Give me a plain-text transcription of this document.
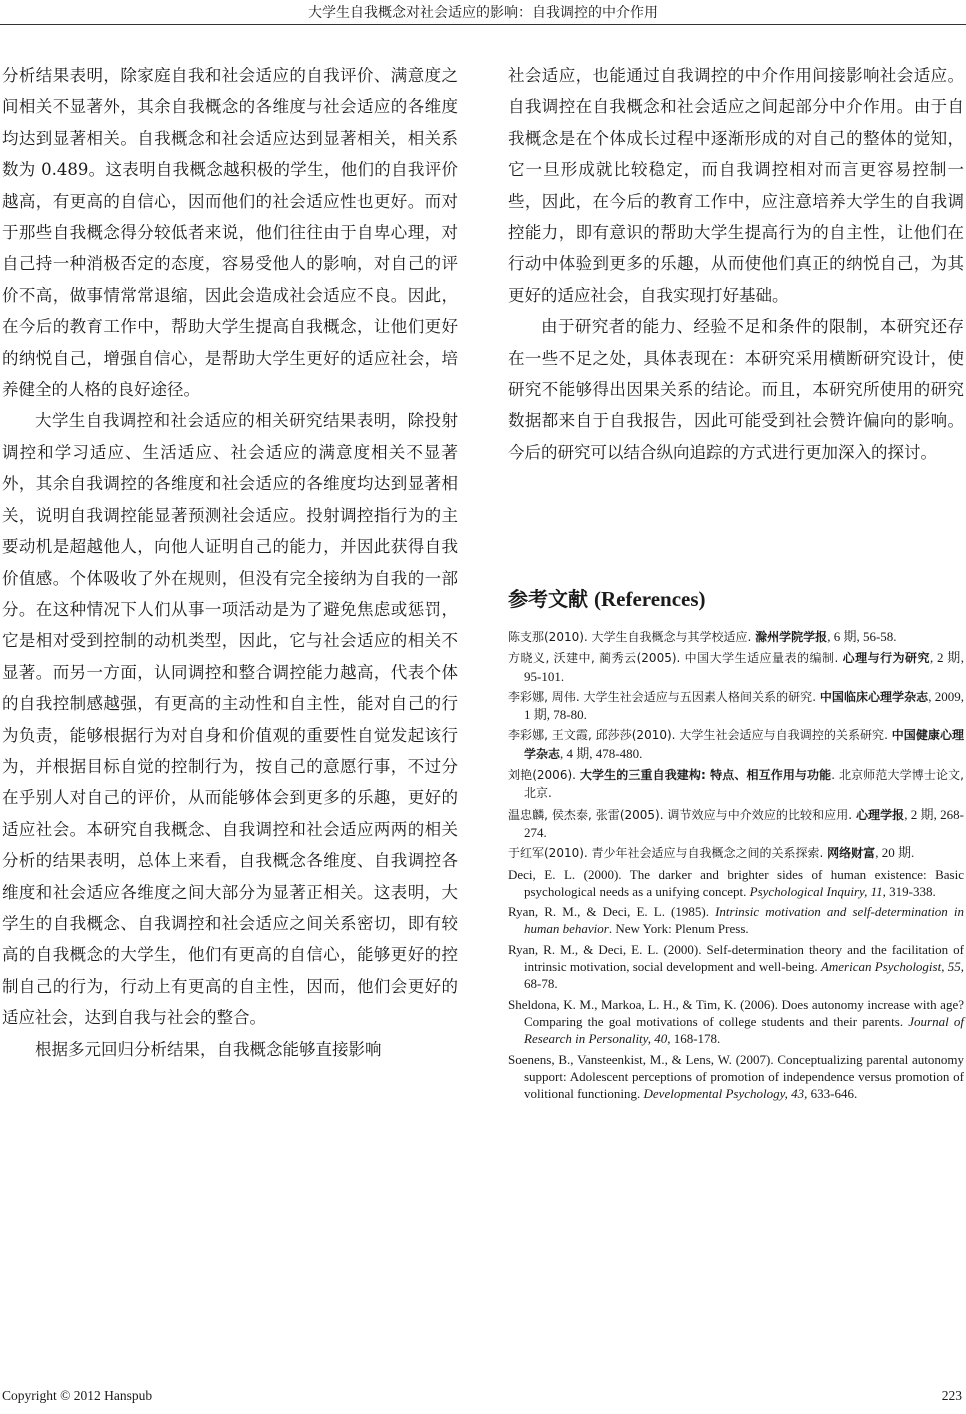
大学生自我概念对社会适应的影响：自我调控的中介作用

分析结果表明，除家庭自我和社会适应的自我评价、满意度之间相关不显著外，其余自我概念的各维度与社会适应的各维度均达到显著相关。自我概念和社会适应达到显著相关，相关系数为 0.489。这表明自我概念越积极的学生，他们的自我评价越高，有更高的自信心，因而他们的社会适应性也更好。而对于那些自我概念得分较低者来说，他们往往由于自卑心理，对自己持一种消极否定的态度，容易受他人的影响，对自己的评价不高，做事情常常退缩，因此会造成社会适应不良。因此，在今后的教育工作中，帮助大学生提高自我概念，让他们更好的纳悦自己，增强自信心，是帮助大学生更好的适应社会，培养健全的人格的良好途径。

大学生自我调控和社会适应的相关研究结果表明，除投射调控和学习适应、生活适应、社会适应的满意度相关不显著外，其余自我调控的各维度和社会适应的各维度均达到显著相关，说明自我调控能显著预测社会适应。投射调控指行为的主要动机是超越他人，向他人证明自己的能力，并因此获得自我价值感。个体吸收了外在规则，但没有完全接纳为自我的一部分。在这种情况下人们从事一项活动是为了避免焦虑或惩罚，它是相对受到控制的动机类型，因此，它与社会适应的相关不显著。而另一方面，认同调控和整合调控能力越高，代表个体的自我控制感越强，有更高的主动性和自主性，能对自己的行为负责，能够根据行为对自身和价值观的重要性自觉发起该行为，并根据目标自觉的控制行为，按自己的意愿行事，不过分在乎别人对自己的评价，从而能够体会到更多的乐趣，更好的适应社会。本研究自我概念、自我调控和社会适应两两的相关分析的结果表明，总体上来看，自我概念各维度、自我调控各维度和社会适应各维度之间大部分为显著正相关。这表明，大学生的自我概念、自我调控和社会适应之间关系密切，即有较高的自我概念的大学生，他们有更高的自信心，能够更好的控制自己的行为，行动上有更高的自主性，因而，他们会更好的适应社会，达到自我与社会的整合。

根据多元回归分析结果，自我概念能够直接影响

社会适应，也能通过自我调控的中介作用间接影响社会适应。自我调控在自我概念和社会适应之间起部分中介作用。由于自我概念是在个体成长过程中逐渐形成的对自己的整体的觉知，它一旦形成就比较稳定，而自我调控相对而言更容易控制一些，因此，在今后的教育工作中，应注意培养大学生的自我调控能力，即有意识的帮助大学生提高行为的自主性，让他们在行动中体验到更多的乐趣，从而使他们真正的纳悦自己，为其更好的适应社会，自我实现打好基础。

由于研究者的能力、经验不足和条件的限制，本研究还存在一些不足之处，具体表现在：本研究采用横断研究设计，使研究不能够得出因果关系的结论。而且，本研究所使用的研究数据都来自于自我报告，因此可能受到社会赞许偏向的影响。今后的研究可以结合纵向追踪的方式进行更加深入的探讨。

参考文献 (References)
陈支那(2010). 大学生自我概念与其学校适应. 滁州学院学报, 6 期, 56-58.
方晓义, 沃建中, 蔺秀云(2005). 中国大学生适应量表的编制. 心理与行为研究, 2 期, 95-101.
李彩娜, 周伟. 大学生社会适应与五因素人格间关系的研究. 中国临床心理学杂志, 2009, 1 期, 78-80.
李彩娜, 王文霞, 邱莎莎(2010). 大学生社会适应与自我调控的关系研究. 中国健康心理学杂志, 4 期, 478-480.
刘艳(2006). 大学生的三重自我建构: 特点、相互作用与功能. 北京师范大学博士论文, 北京.
温忠麟, 侯杰泰, 张雷(2005). 调节效应与中介效应的比较和应用. 心理学报, 2 期, 268-274.
于红军(2010). 青少年社会适应与自我概念之间的关系探索. 网络财富, 20 期.
Deci, E. L. (2000). The darker and brighter sides of human existence: Basic psychological needs as a unifying concept. Psychological Inquiry, 11, 319-338.
Ryan, R. M., & Deci, E. L. (1985). Intrinsic motivation and self-determination in human behavior. New York: Plenum Press.
Ryan, R. M., & Deci, E. L. (2000). Self-determination theory and the facilitation of intrinsic motivation, social development and well-being. American Psychologist, 55, 68-78.
Sheldona, K. M., Markoa, L. H., & Tim, K. (2006). Does autonomy increase with age? Comparing the goal motivations of college students and their parents. Journal of Research in Personality, 40, 168-178.
Soenens, B., Vansteenkist, M., & Lens, W. (2007). Conceptualizing parental autonomy support: Adolescent perceptions of promotion of independence versus promotion of volitional functioning. Developmental Psychology, 43, 633-646.
Copyright © 2012 Hanspub	223
